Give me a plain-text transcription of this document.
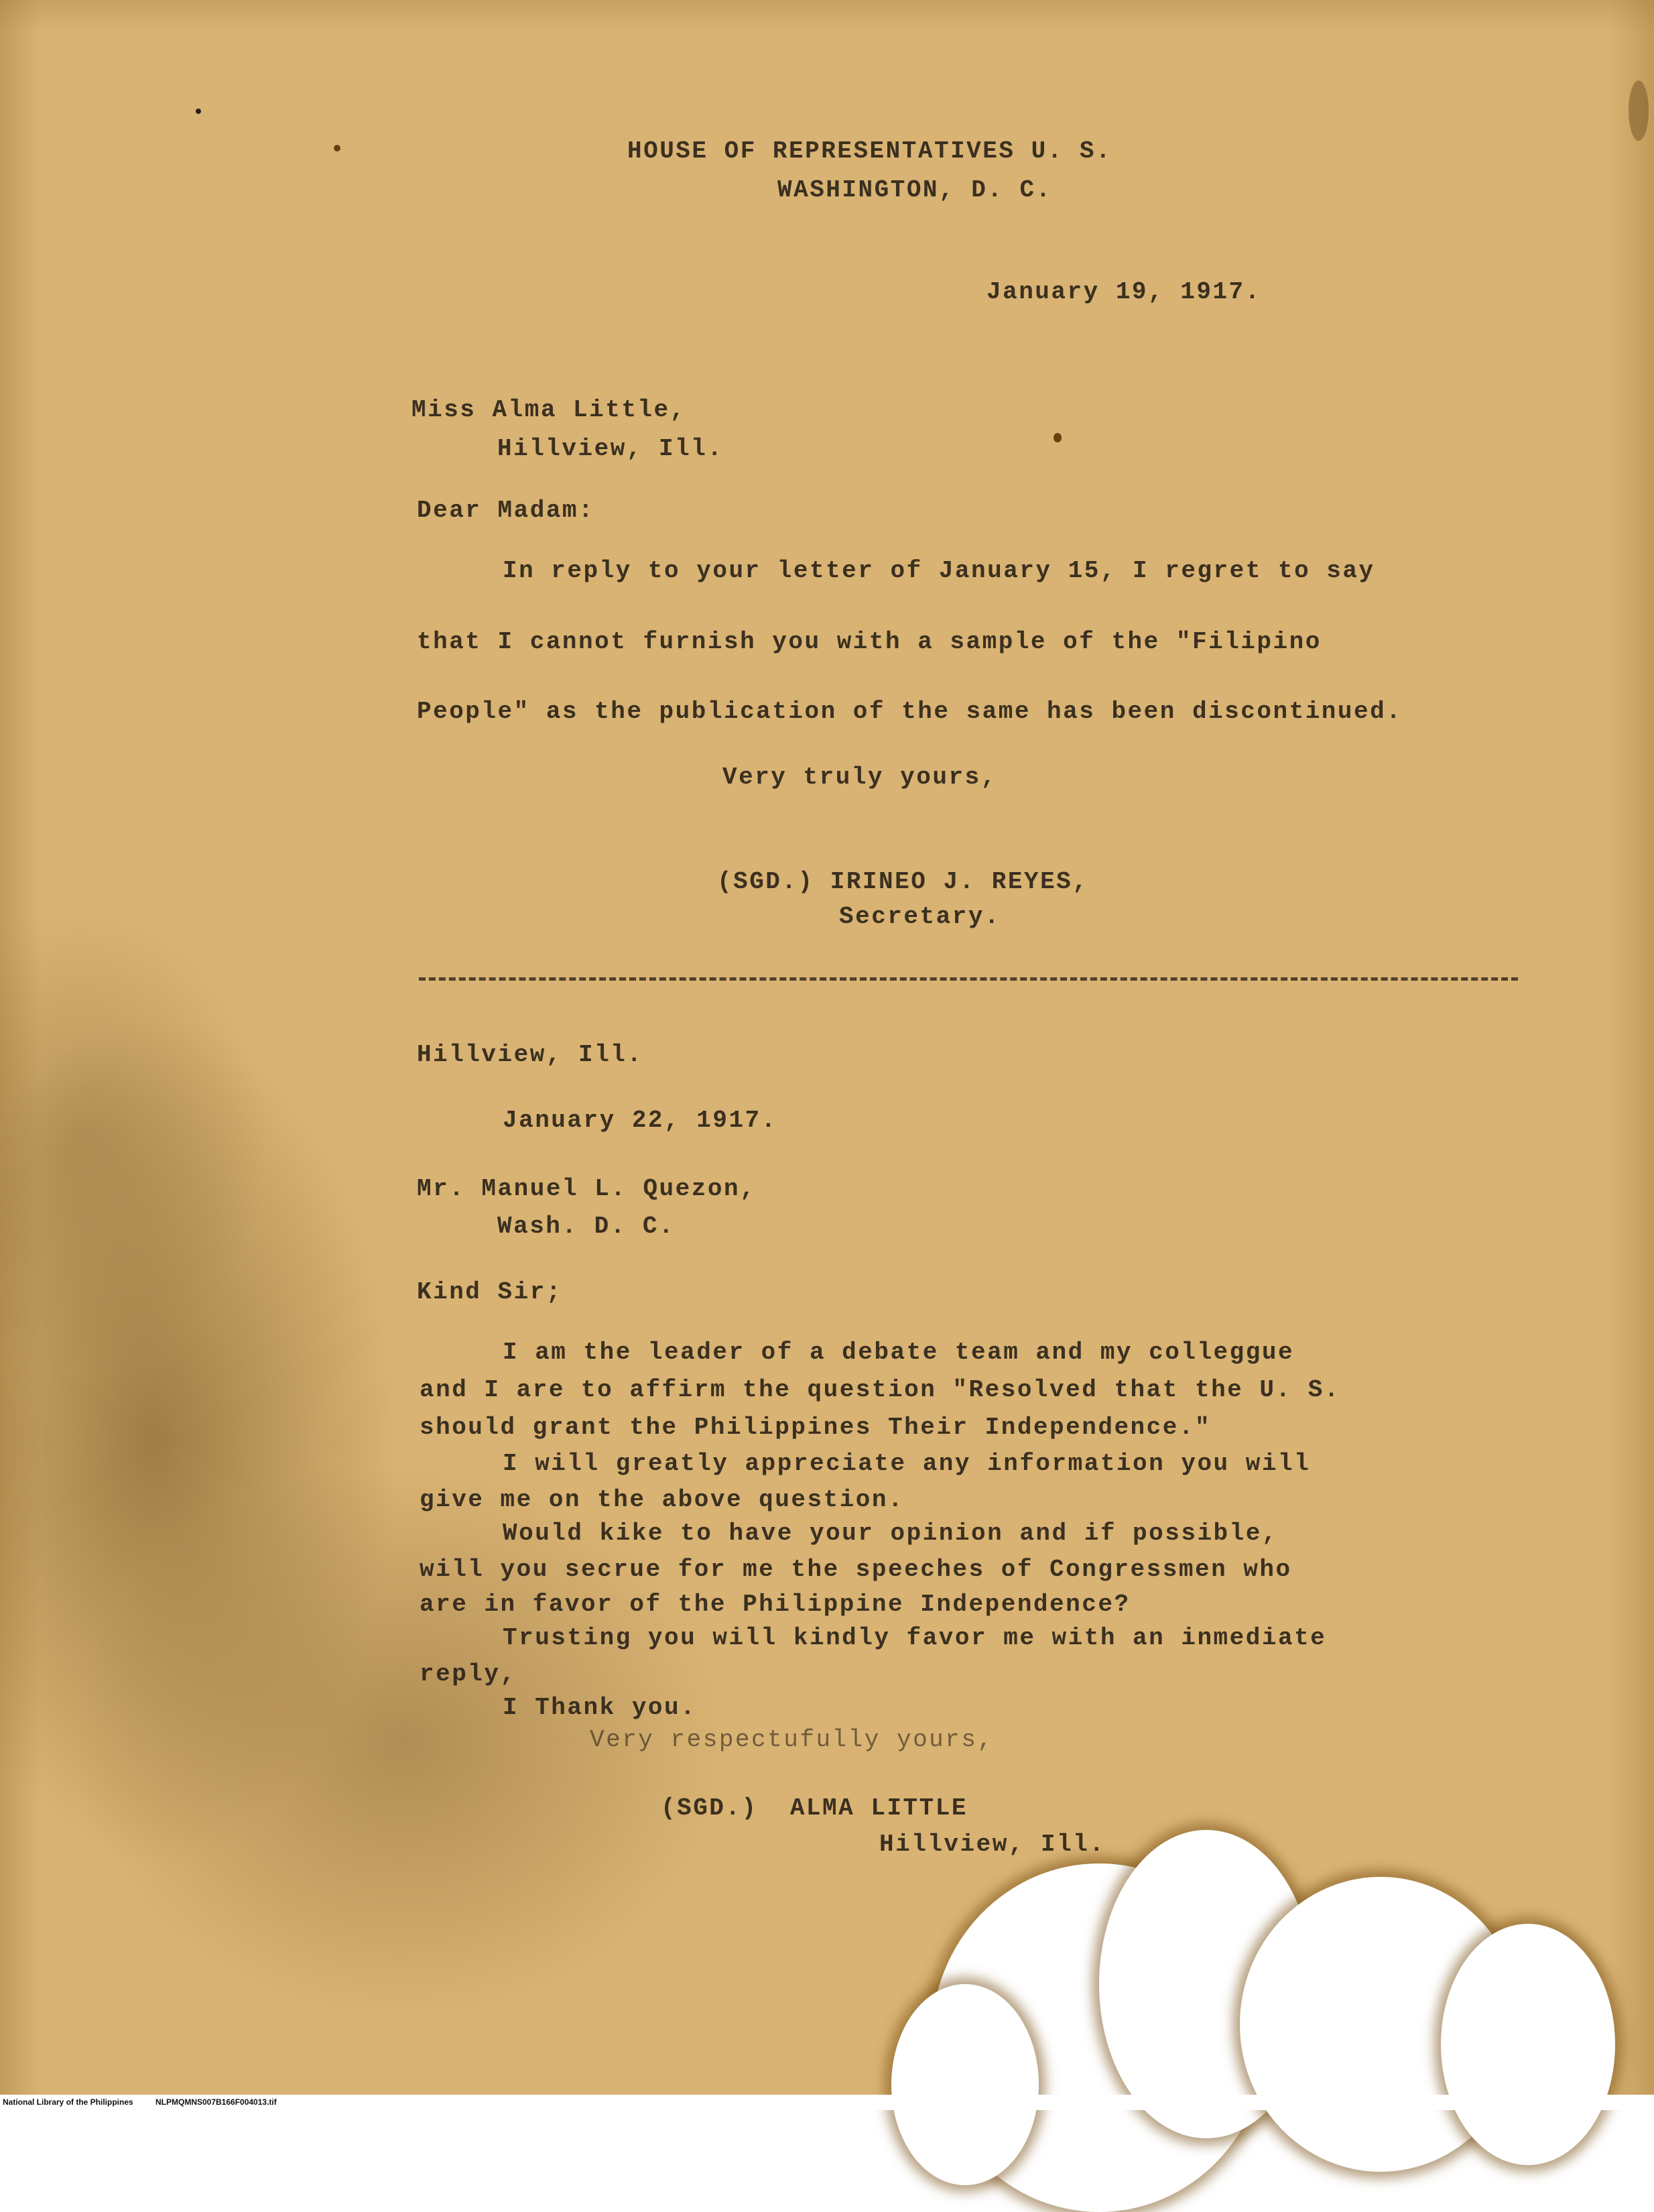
HOUSE OF REPRESENTATIVES U. S.

WASHINGTON, D. C.

January 19, 1917.

Miss Alma Little,

Hillview, Ill.

Dear Madam:

In reply to your letter of January 15, I regret to say

that I cannot furnish you with a sample of the "Filipino

People" as the publication of the same has been discontinued.

Very truly yours,

(SGD.) IRINEO J. REYES,

Secretary.

Hillview, Ill.

January 22, 1917.

Mr. Manuel L. Quezon,

Wash. D. C.

Kind Sir;

I am the leader of a debate team and my colleggue

and I are to affirm the question "Resolved that the U. S.

should grant the Philippines Their Independence."

I will greatly appreciate any information you will

give me on the above question.

Would kike to have your opinion and if possible,

will you secrue for me the speeches of Congressmen who

are in favor of the Philippine Independence?

Trusting you will kindly favor me with an inmediate

reply,

I Thank you.

Very respectufully yours,

(SGD.)  ALMA LITTLE

Hillview, Ill.

National Library of the Philippines	NLPMQMNS007B166F004013.tif
